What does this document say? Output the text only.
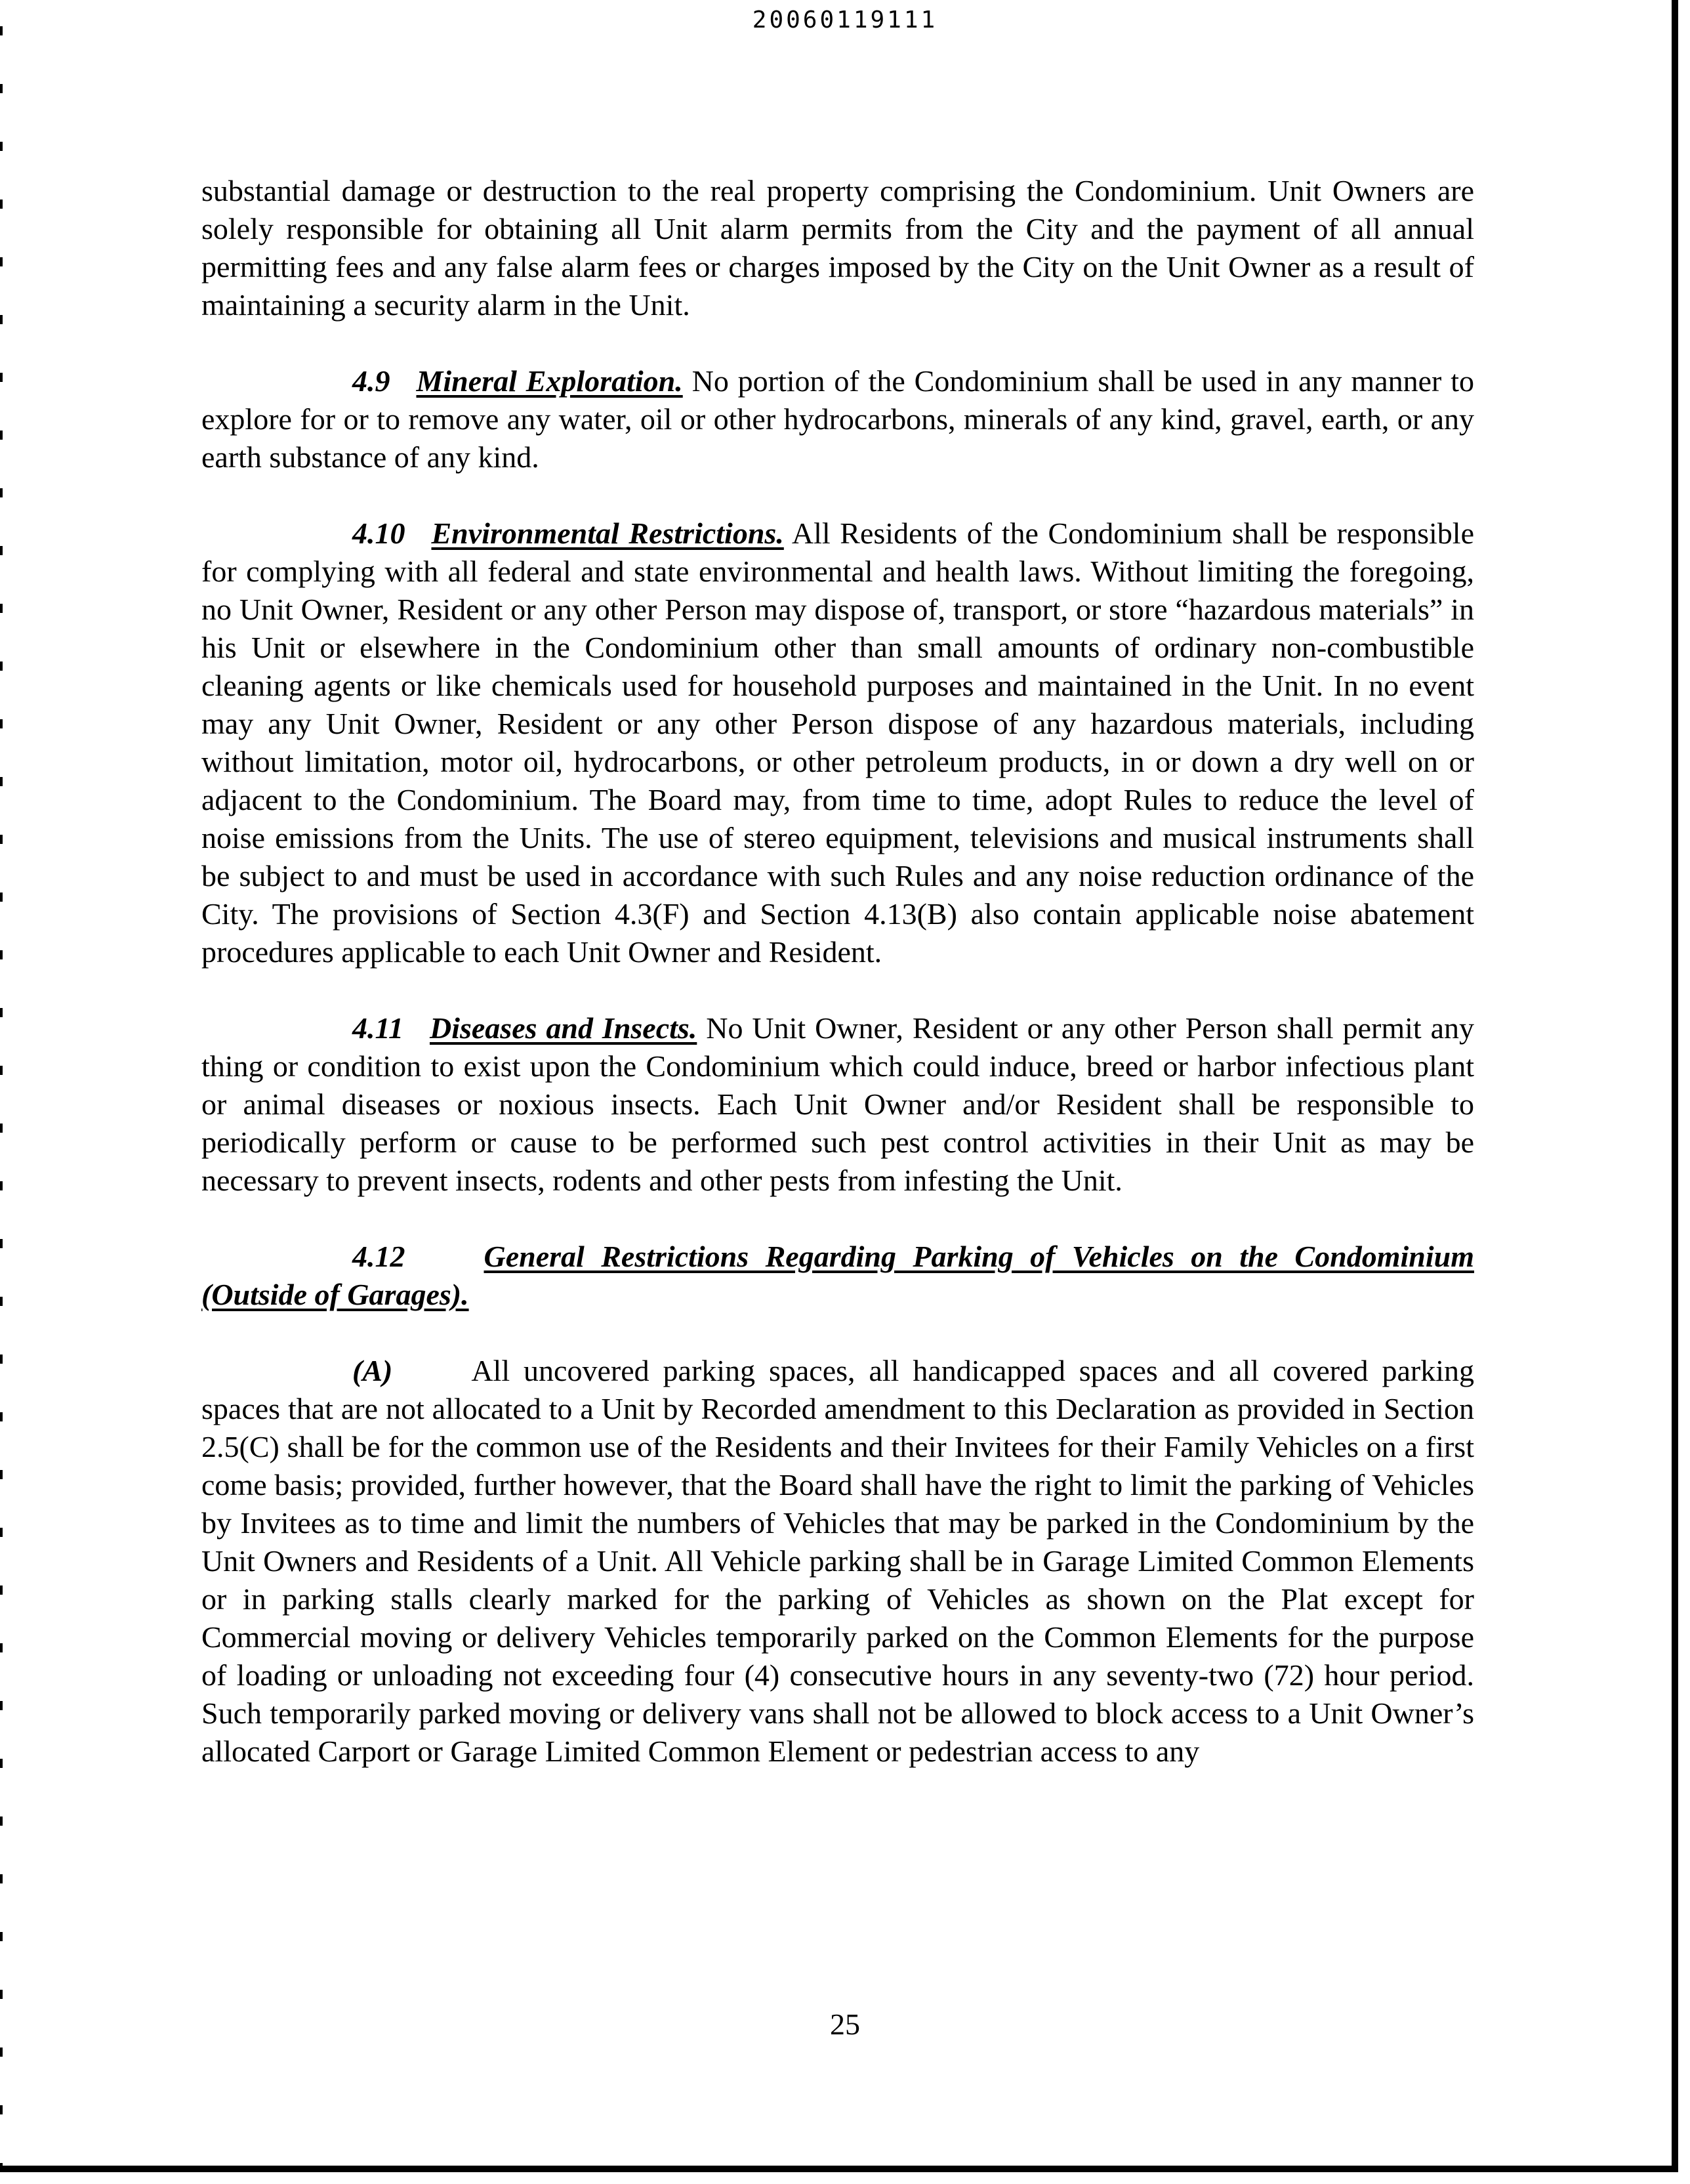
20060119111

substantial damage or destruction to the real property comprising the Condominium. Unit Owners are solely responsible for obtaining all Unit alarm permits from the City and the payment of all annual permitting fees and any false alarm fees or charges imposed by the City on the Unit Owner as a result of maintaining a security alarm in the Unit.

4.9 Mineral Exploration. No portion of the Condominium shall be used in any manner to explore for or to remove any water, oil or other hydrocarbons, minerals of any kind, gravel, earth, or any earth substance of any kind.

4.10 Environmental Restrictions. All Residents of the Condominium shall be responsible for complying with all federal and state environmental and health laws. Without limiting the foregoing, no Unit Owner, Resident or any other Person may dispose of, transport, or store “hazardous materials” in his Unit or elsewhere in the Condominium other than small amounts of ordinary non-combustible cleaning agents or like chemicals used for household purposes and maintained in the Unit. In no event may any Unit Owner, Resident or any other Person dispose of any hazardous materials, including without limitation, motor oil, hydrocarbons, or other petroleum products, in or down a dry well on or adjacent to the Condominium. The Board may, from time to time, adopt Rules to reduce the level of noise emissions from the Units. The use of stereo equipment, televisions and musical instruments shall be subject to and must be used in accordance with such Rules and any noise reduction ordinance of the City. The provisions of Section 4.3(F) and Section 4.13(B) also contain applicable noise abatement procedures applicable to each Unit Owner and Resident.

4.11 Diseases and Insects. No Unit Owner, Resident or any other Person shall permit any thing or condition to exist upon the Condominium which could induce, breed or harbor infectious plant or animal diseases or noxious insects. Each Unit Owner and/or Resident shall be responsible to periodically perform or cause to be performed such pest control activities in their Unit as may be necessary to prevent insects, rodents and other pests from infesting the Unit.

4.12	General Restrictions Regarding Parking of Vehicles on the Condominium (Outside of Garages).

(A)	All uncovered parking spaces, all handicapped spaces and all covered parking spaces that are not allocated to a Unit by Recorded amendment to this Declaration as provided in Section 2.5(C) shall be for the common use of the Residents and their Invitees for their Family Vehicles on a first come basis; provided, further however, that the Board shall have the right to limit the parking of Vehicles by Invitees as to time and limit the numbers of Vehicles that may be parked in the Condominium by the Unit Owners and Residents of a Unit. All Vehicle parking shall be in Garage Limited Common Elements or in parking stalls clearly marked for the parking of Vehicles as shown on the Plat except for Commercial moving or delivery Vehicles temporarily parked on the Common Elements for the purpose of loading or unloading not exceeding four (4) consecutive hours in any seventy-two (72) hour period. Such temporarily parked moving or delivery vans shall not be allowed to block access to a Unit Owner’s allocated Carport or Garage Limited Common Element or pedestrian access to any

25
